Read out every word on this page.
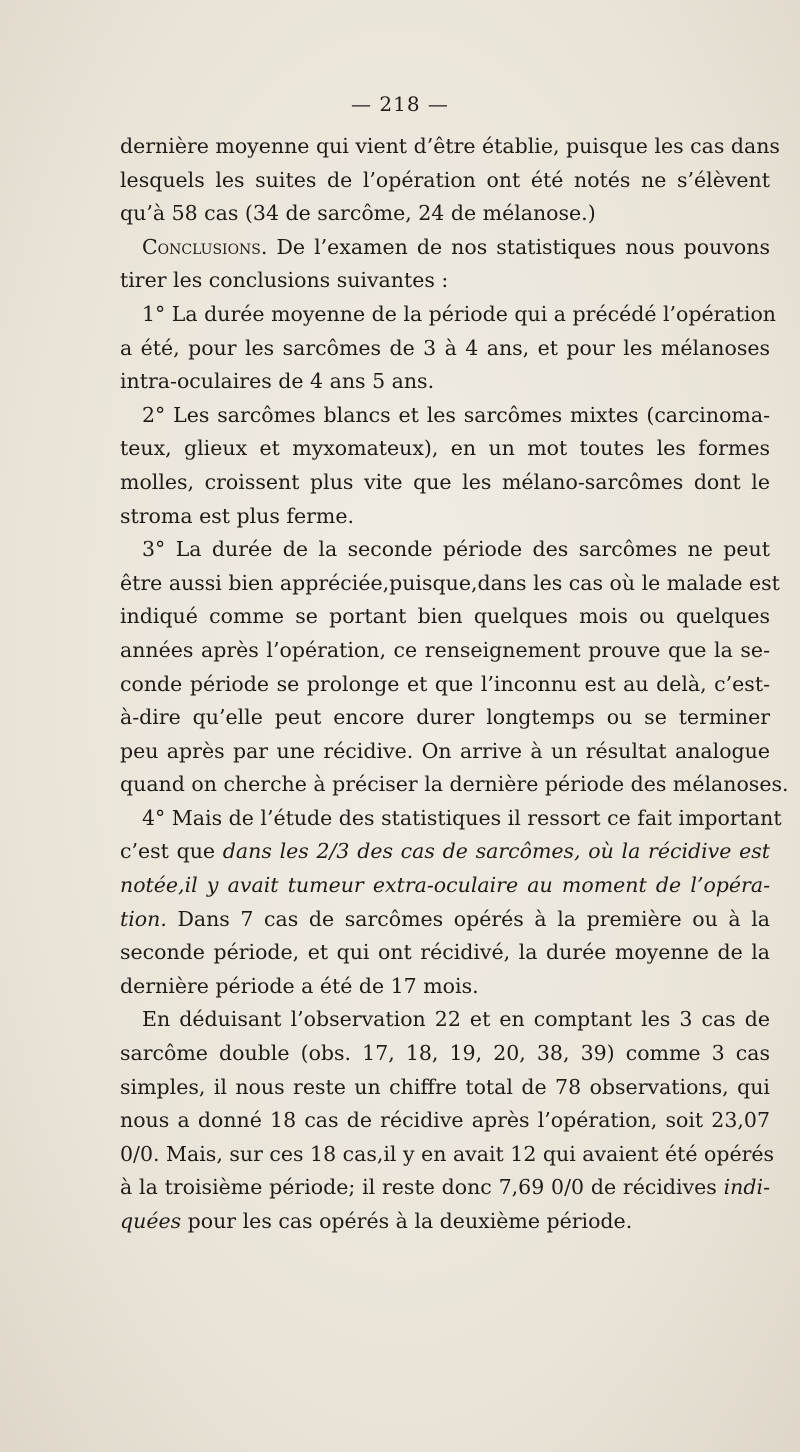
— 218 —
dernière moyenne qui vient d’être établie, puisque les cas dans
lesquels les suites de l’opération ont été notés ne s’élèvent
qu’à 58 cas (34 de sarcôme, 24 de mélanose.)
Conclusions. De l’examen de nos statistiques nous pouvons
tirer les conclusions suivantes :
1° La durée moyenne de la période qui a précédé l’opération
a été, pour les sarcômes de 3 à 4 ans, et pour les mélanoses
intra-oculaires de 4 ans 5 ans.
2° Les sarcômes blancs et les sarcômes mixtes (carcinoma-
teux, glieux et myxomateux), en un mot toutes les formes
molles, croissent plus vite que les mélano-sarcômes dont le
stroma est plus ferme.
3° La durée de la seconde période des sarcômes ne peut
être aussi bien appréciée,puisque,dans les cas où le malade est
indiqué comme se portant bien quelques mois ou quelques
années après l’opération, ce renseignement prouve que la se-
conde période se prolonge et que l’inconnu est au delà, c’est-
à-dire qu’elle peut encore durer longtemps ou se terminer
peu après par une récidive. On arrive à un résultat analogue
quand on cherche à préciser la dernière période des mélanoses.
4° Mais de l’étude des statistiques il ressort ce fait important
c’est que dans les 2/3 des cas de sarcômes, où la récidive est
notée,il y avait tumeur extra-oculaire au moment de l’opéra-
tion. Dans 7 cas de sarcômes opérés à la première ou à la
seconde période, et qui ont récidivé, la durée moyenne de la
dernière période a été de 17 mois.
En déduisant l’observation 22 et en comptant les 3 cas de
sarcôme double (obs. 17, 18, 19, 20, 38, 39) comme 3 cas
simples, il nous reste un chiffre total de 78 observations, qui
nous a donné 18 cas de récidive après l’opération, soit 23,07
0/0. Mais, sur ces 18 cas,il y en avait 12 qui avaient été opérés
à la troisième période; il reste donc 7,69 0/0 de récidives indi-
quées pour les cas opérés à la deuxième période.
